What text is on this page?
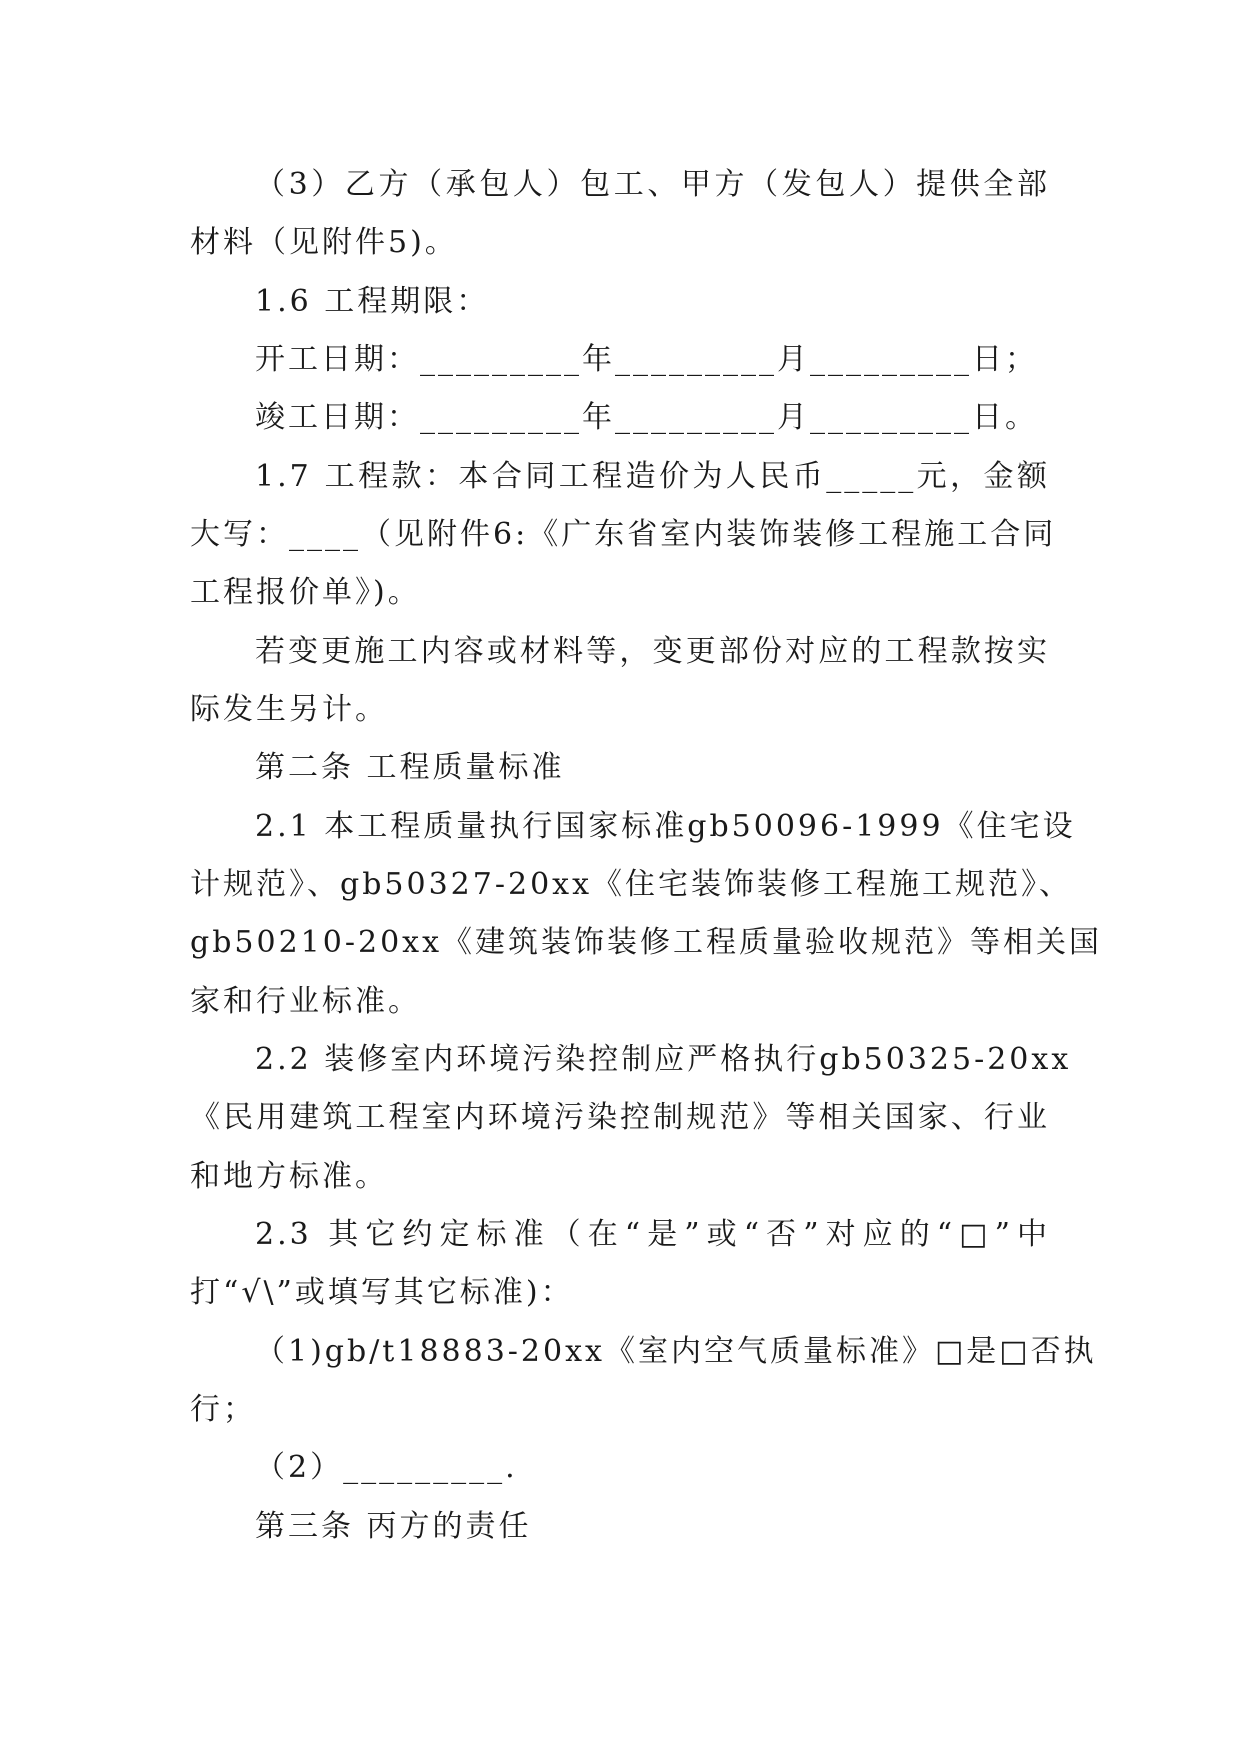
（3）乙方（承包人）包工、甲方（发包人）提供全部
材料（见附件5)。
1.6 工程期限：
开工日期：_________年_________月_________日；
竣工日期：_________年_________月_________日。
1.7 工程款：本合同工程造价为人民币_____元，金额
大写：____（见附件6:《广东省室内装饰装修工程施工合同
工程报价单》)。
若变更施工内容或材料等，变更部份对应的工程款按实
际发生另计。
第二条 工程质量标准
2.1 本工程质量执行国家标准gb50096-1999《住宅设
计规范》、gb50327-20xx《住宅装饰装修工程施工规范》、
gb50210-20xx《建筑装饰装修工程质量验收规范》等相关国
家和行业标准。
2.2 装修室内环境污染控制应严格执行gb50325-20xx
《民用建筑工程室内环境污染控制规范》等相关国家、行业
和地方标准。
2.3 其它约定标准（在“是”或“否”对应的“□”中
打“√\”或填写其它标准)：
（1)gb/t18883-20xx《室内空气质量标准》□是□否执
行；
（2）_________.
第三条 丙方的责任
